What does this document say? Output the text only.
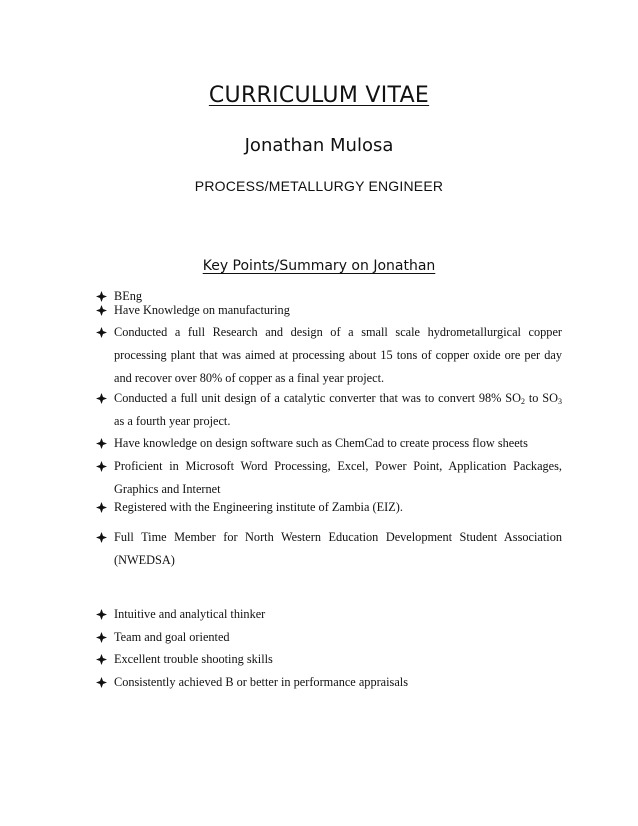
CURRICULUM VITAE
Jonathan Mulosa
PROCESS/METALLURGY ENGINEER
Key Points/Summary on Jonathan
BEng
Have Knowledge on manufacturing
Conducted a full Research and design of a small scale hydrometallurgical copper processing plant that was aimed at processing about 15 tons of copper oxide ore per day and recover over 80% of copper as a final year project.
Conducted a full unit design of a catalytic converter that was to convert 98% $SO_2$ to $SO_3$
as a fourth year project.
Have knowledge on design software such as ChemCad to create process flow sheets
Proficient in Microsoft Word Processing, Excel, Power Point, Application Packages, Graphics and Internet
Registered with the Engineering institute of Zambia (EIZ).
Full Time Member for North Western Education Development Student Association (NWEDSA)
Intuitive and analytical thinker
Team and goal oriented
Excellent trouble shooting skills
Consistently achieved B or better in performance appraisals
